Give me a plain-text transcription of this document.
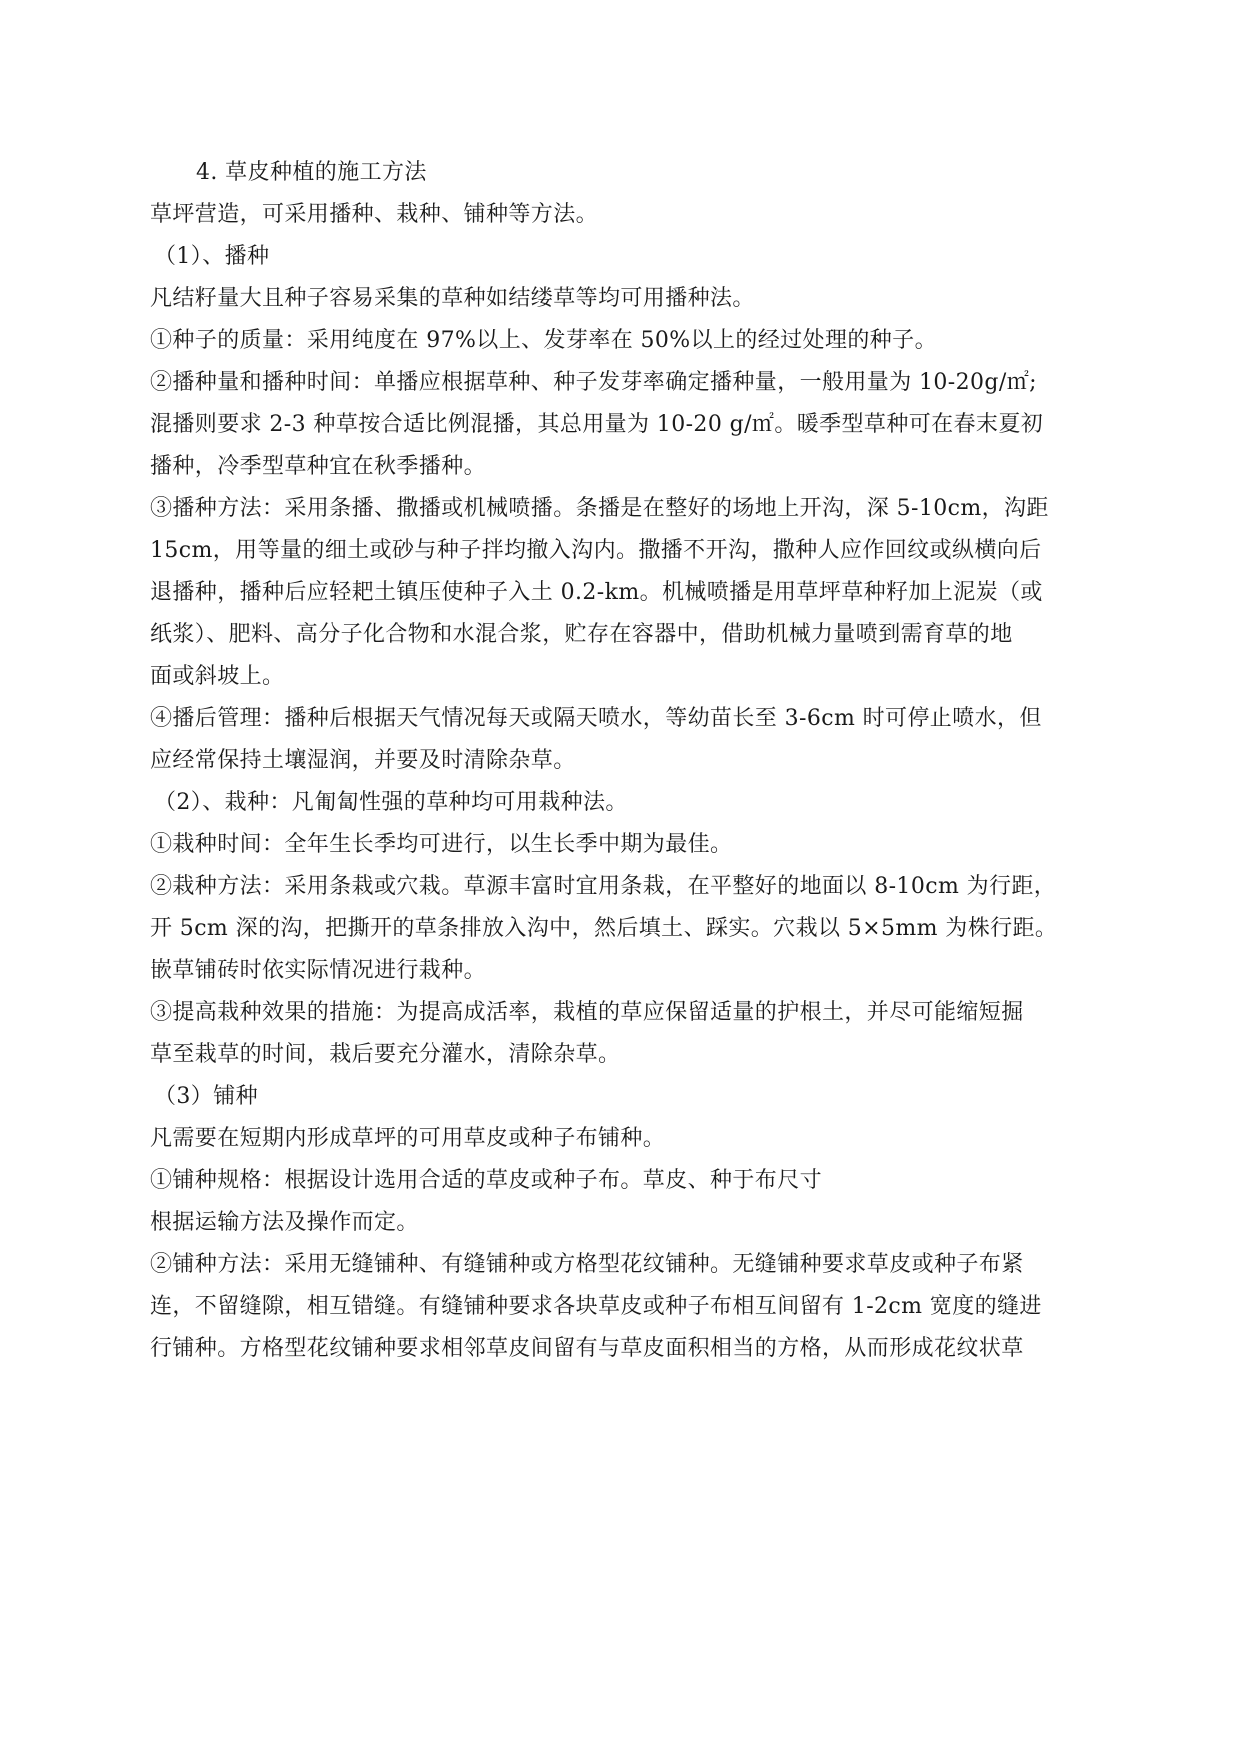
4. 草皮种植的施工方法

草坪营造，可采用播种、栽种、铺种等方法。

（1）、播种

凡结籽量大且种子容易采集的草种如结缕草等均可用播种法。

①种子的质量：采用纯度在 97%以上、发芽率在 50%以上的经过处理的种子。

②播种量和播种时间：单播应根据草种、种子发芽率确定播种量，一般用量为 10-20g/㎡;

混播则要求 2-3 种草按合适比例混播，其总用量为 10-20 g/㎡。暖季型草种可在春末夏初

播种，冷季型草种宜在秋季播种。

③播种方法：采用条播、撒播或机械喷播。条播是在整好的场地上开沟，深 5-10cm，沟距

15cm，用等量的细土或砂与种子拌均撤入沟内。撒播不开沟，撒种人应作回纹或纵横向后

退播种，播种后应轻耙土镇压使种子入土 0.2-km。机械喷播是用草坪草种籽加上泥炭（或

纸浆）、肥料、高分子化合物和水混合浆，贮存在容器中，借助机械力量喷到需育草的地

面或斜坡上。

④播后管理：播种后根据天气情况每天或隔天喷水，等幼苗长至 3-6cm 时可停止喷水，但

应经常保持土壤湿润，并要及时清除杂草。

（2）、栽种：凡匍匐性强的草种均可用栽种法。

①栽种时间：全年生长季均可进行，以生长季中期为最佳。

②栽种方法：采用条栽或穴栽。草源丰富时宜用条栽，在平整好的地面以 8-10cm 为行距，

开 5cm 深的沟，把撕开的草条排放入沟中，然后填土、踩实。穴栽以 5×5mm 为株行距。

嵌草铺砖时依实际情况进行栽种。

③提高栽种效果的措施：为提高成活率，栽植的草应保留适量的护根土，并尽可能缩短掘

草至栽草的时间，栽后要充分灌水，清除杂草。

（3）铺种

凡需要在短期内形成草坪的可用草皮或种子布铺种。

①铺种规格：根据设计选用合适的草皮或种子布。草皮、种于布尺寸

根据运输方法及操作而定。

②铺种方法：采用无缝铺种、有缝铺种或方格型花纹铺种。无缝铺种要求草皮或种子布紧

连，不留缝隙，相互错缝。有缝铺种要求各块草皮或种子布相互间留有 1-2cm 宽度的缝进

行铺种。方格型花纹铺种要求相邻草皮间留有与草皮面积相当的方格，从而形成花纹状草
